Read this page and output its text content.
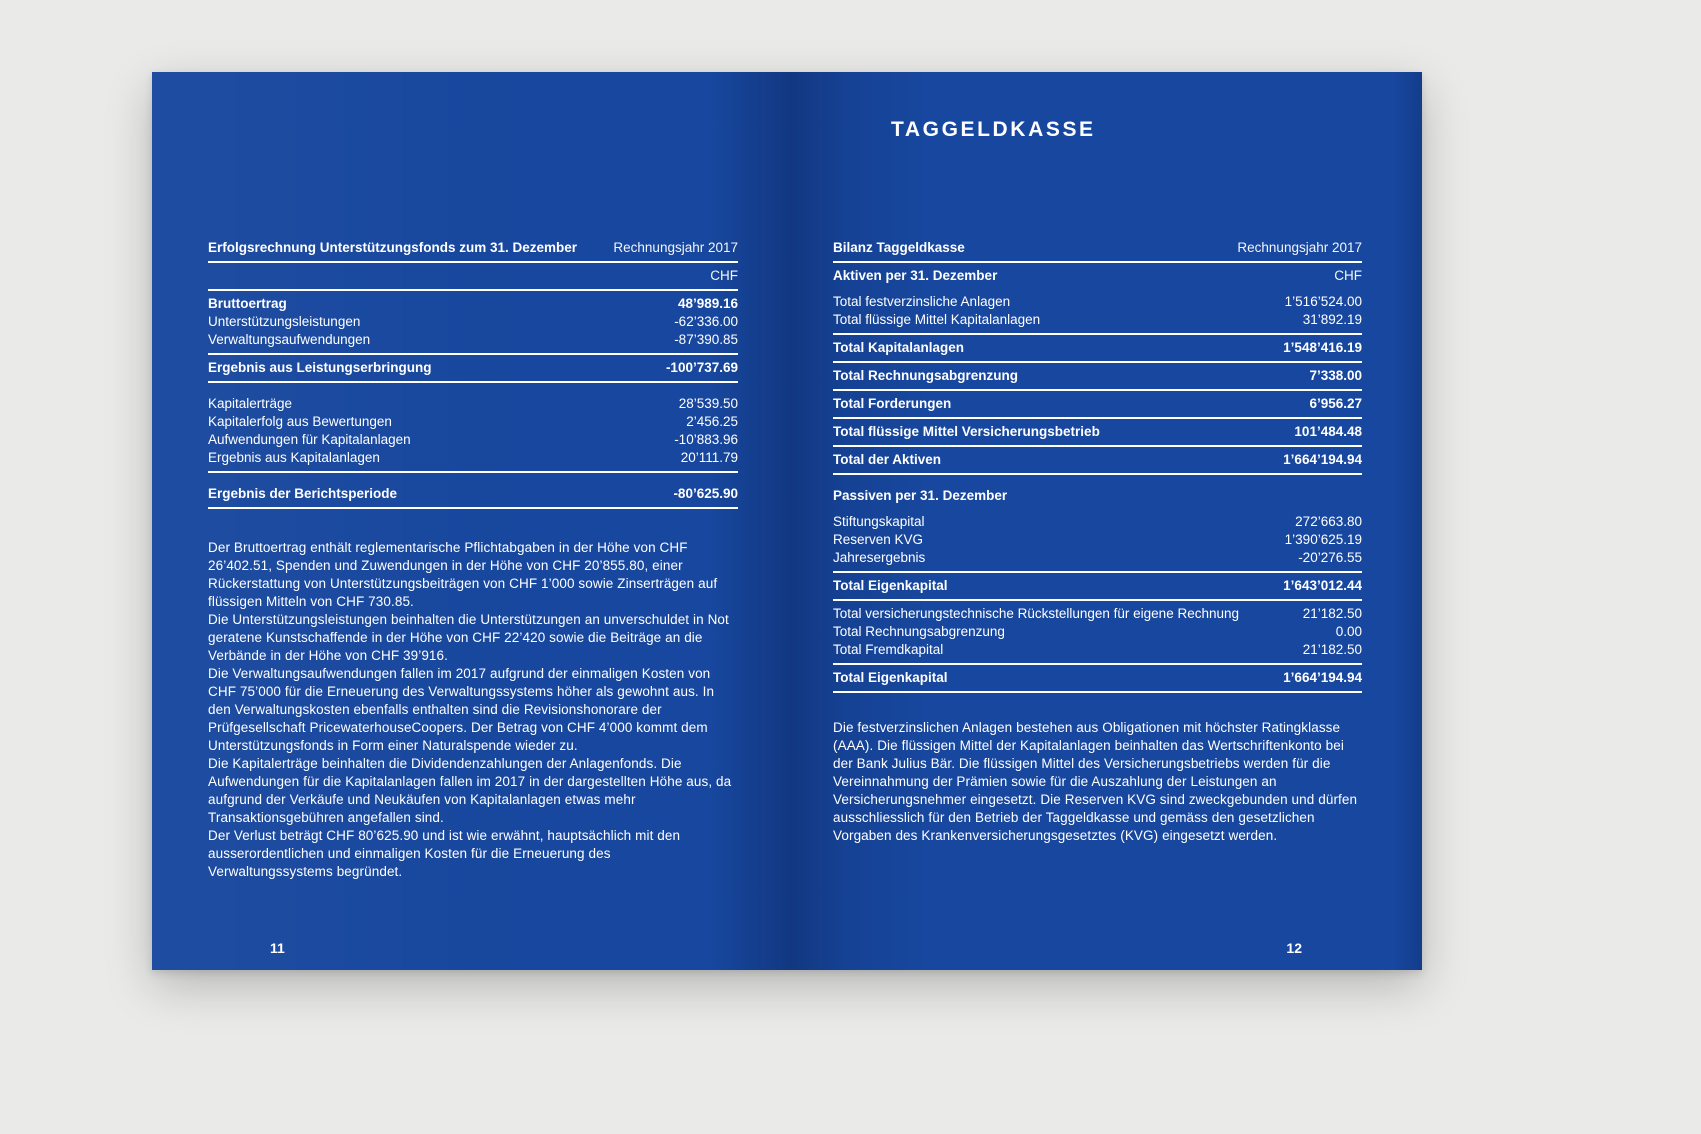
Erfolgsrechnung Unterstützungsfonds zum 31. Dezember	Rechnungsjahr 2017
CHF
Bruttoertrag	48’989.16
Unterstützungsleistungen	-62’336.00
Verwaltungsaufwendungen	-87’390.85
Ergebnis aus Leistungserbringung	-100’737.69
Kapitalerträge	28’539.50
Kapitalerfolg aus Bewertungen	2’456.25
Aufwendungen für Kapitalanlagen	-10’883.96
Ergebnis aus Kapitalanlagen	20’111.79
Ergebnis der Berichtsperiode	-80’625.90

Der Bruttoertrag enthält reglementarische Pflichtabgaben in der Höhe von CHF 26’402.51, Spenden und Zuwendungen in der Höhe von CHF 20’855.80, einer Rückerstattung von Unterstützungsbeiträgen von CHF 1’000 sowie Zinserträgen auf flüssigen Mitteln von CHF 730.85.

Die Unterstützungsleistungen beinhalten die Unterstützungen an unverschuldet in Not geratene Kunstschaffende in der Höhe von CHF 22’420 sowie die Beiträge an die Verbände in der Höhe von CHF 39’916.

Die Verwaltungsaufwendungen fallen im 2017 aufgrund der einmaligen Kosten von CHF 75’000 für die Erneuerung des Verwaltungssystems höher als gewohnt aus. In den Verwaltungskosten ebenfalls enthalten sind die Revisionshonorare der Prüfgesellschaft PricewaterhouseCoopers. Der Betrag von CHF 4’000 kommt dem Unterstützungsfonds in Form einer Naturalspende wieder zu.

Die Kapitalerträge beinhalten die Dividendenzahlungen der Anlagenfonds. Die Aufwendungen für die Kapitalanlagen fallen im 2017 in der dargestellten Höhe aus, da aufgrund der Verkäufe und Neukäufen von Kapitalanlagen etwas mehr Transaktionsgebühren angefallen sind.

Der Verlust beträgt CHF 80’625.90 und ist wie erwähnt, hauptsächlich mit den ausserordentlichen und einmaligen Kosten für die Erneuerung des Verwaltungssystems begründet.

11
TAGGELDKASSE
Bilanz Taggeldkasse	Rechnungsjahr 2017
Aktiven per 31. Dezember	CHF
Total festverzinsliche Anlagen	1’516’524.00
Total flüssige Mittel Kapitalanlagen	31’892.19
Total Kapitalanlagen	1’548’416.19
Total Rechnungsabgrenzung	7’338.00
Total Forderungen	6’956.27
Total flüssige Mittel Versicherungsbetrieb	101’484.48
Total der Aktiven	1’664’194.94
Passiven per 31. Dezember
Stiftungskapital	272’663.80
Reserven KVG	1’390’625.19
Jahresergebnis	-20’276.55
Total Eigenkapital	1’643’012.44
Total versicherungstechnische Rückstellungen für eigene Rechnung	21’182.50
Total Rechnungsabgrenzung	0.00
Total Fremdkapital	21’182.50
Total Eigenkapital	1’664’194.94

Die festverzinslichen Anlagen bestehen aus Obligationen mit höchster Ratingklasse (AAA). Die flüssigen Mittel der Kapitalanlagen beinhalten das Wertschriftenkonto bei der Bank Julius Bär. Die flüssigen Mittel des Versicherungsbetriebs werden für die Vereinnahmung der Prämien sowie für die Auszahlung der Leistungen an Versicherungsnehmer eingesetzt. Die Reserven KVG sind zweckgebunden und dürfen ausschliesslich für den Betrieb der Taggeldkasse und gemäss den gesetzlichen Vorgaben des Krankenversicherungsgesetztes (KVG) eingesetzt werden.

12
